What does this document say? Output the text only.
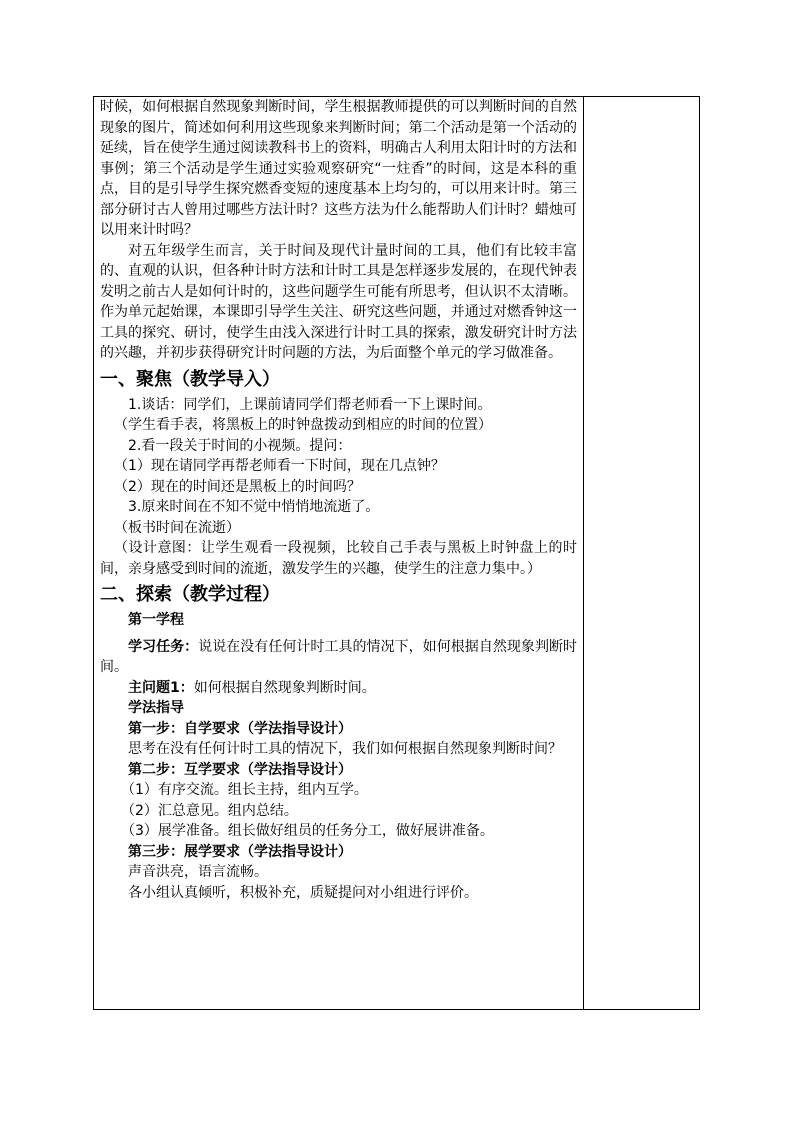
时候，如何根据自然现象判断时间，学生根据教师提供的可以判断时间的自然现象的图片，简述如何利用这些现象来判断时间；第二个活动是第一个活动的延续，旨在使学生通过阅读教科书上的资料，明确古人利用太阳计时的方法和事例；第三个活动是学生通过实验观察研究“一炷香”的时间，这是本科的重点，目的是引导学生探究燃香变短的速度基本上均匀的，可以用来计时。第三部分研讨古人曾用过哪些方法计时？这些方法为什么能帮助人们计时？蜡烛可以用来计时吗？

对五年级学生而言，关于时间及现代计量时间的工具，他们有比较丰富的、直观的认识，但各种计时方法和计时工具是怎样逐步发展的，在现代钟表发明之前古人是如何计时的，这些问题学生可能有所思考，但认识不太清晰。作为单元起始课，本课即引导学生关注、研究这些问题，并通过对燃香钟这一工具的探究、研讨，使学生由浅入深进行计时工具的探索，激发研究计时方法的兴趣，并初步获得研究计时问题的方法，为后面整个单元的学习做准备。

一、聚焦（教学导入）

1.谈话：同学们，上课前请同学们帮老师看一下上课时间。

（学生看手表，将黑板上的时钟盘拨动到相应的时间的位置）

2.看一段关于时间的小视频。提问：

（1）现在请同学再帮老师看一下时间，现在几点钟？

（2）现在的时间还是黑板上的时间吗？

3.原来时间在不知不觉中悄悄地流逝了。

（板书时间在流逝）

（设计意图：让学生观看一段视频，比较自己手表与黑板上时钟盘上的时间，亲身感受到时间的流逝，激发学生的兴趣，使学生的注意力集中。）

二、探索（教学过程）

第一学程

学习任务：说说在没有任何计时工具的情况下，如何根据自然现象判断时间。

主问题1：如何根据自然现象判断时间。

学法指导

第一步：自学要求（学法指导设计）

思考在没有任何计时工具的情况下，我们如何根据自然现象判断时间？

第二步：互学要求（学法指导设计）

（1）有序交流。组长主持，组内互学。

（2）汇总意见。组内总结。

（3）展学准备。组长做好组员的任务分工，做好展讲准备。

第三步：展学要求（学法指导设计）

声音洪亮，语言流畅。

各小组认真倾听，积极补充，质疑提问对小组进行评价。
